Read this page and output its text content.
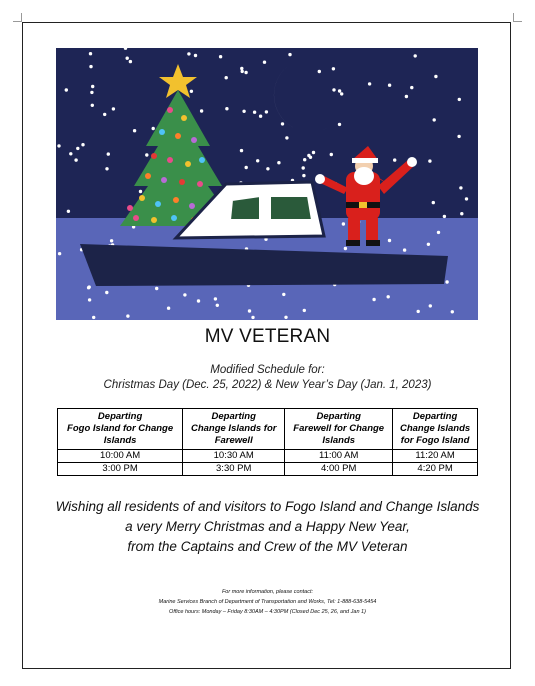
MV VETERAN
Modified Schedule for:
Christmas Day (Dec. 25, 2022) & New Year’s Day (Jan. 1, 2023)
Departing
Fogo Island for Change
Islands	Departing
Change Islands for
Farewell	Departing
Farewell for Change
Islands	Departing
Change Islands
for Fogo Island
10:00 AM	10:30 AM	11:00 AM	11:20 AM
3:00 PM	3:30 PM	4:00 PM	4:20 PM
Wishing all residents of and visitors to Fogo Island and Change Islands
a very Merry Christmas and a Happy New Year,
from the Captains and Crew of the MV Veteran
For more information, please contact:
Marine Services Branch of Department of Transportation and Works, Tel: 1-888-638-5454
Office hours: Monday – Friday 8:30AM – 4:30PM (Closed Dec 25, 26, and Jan 1)
